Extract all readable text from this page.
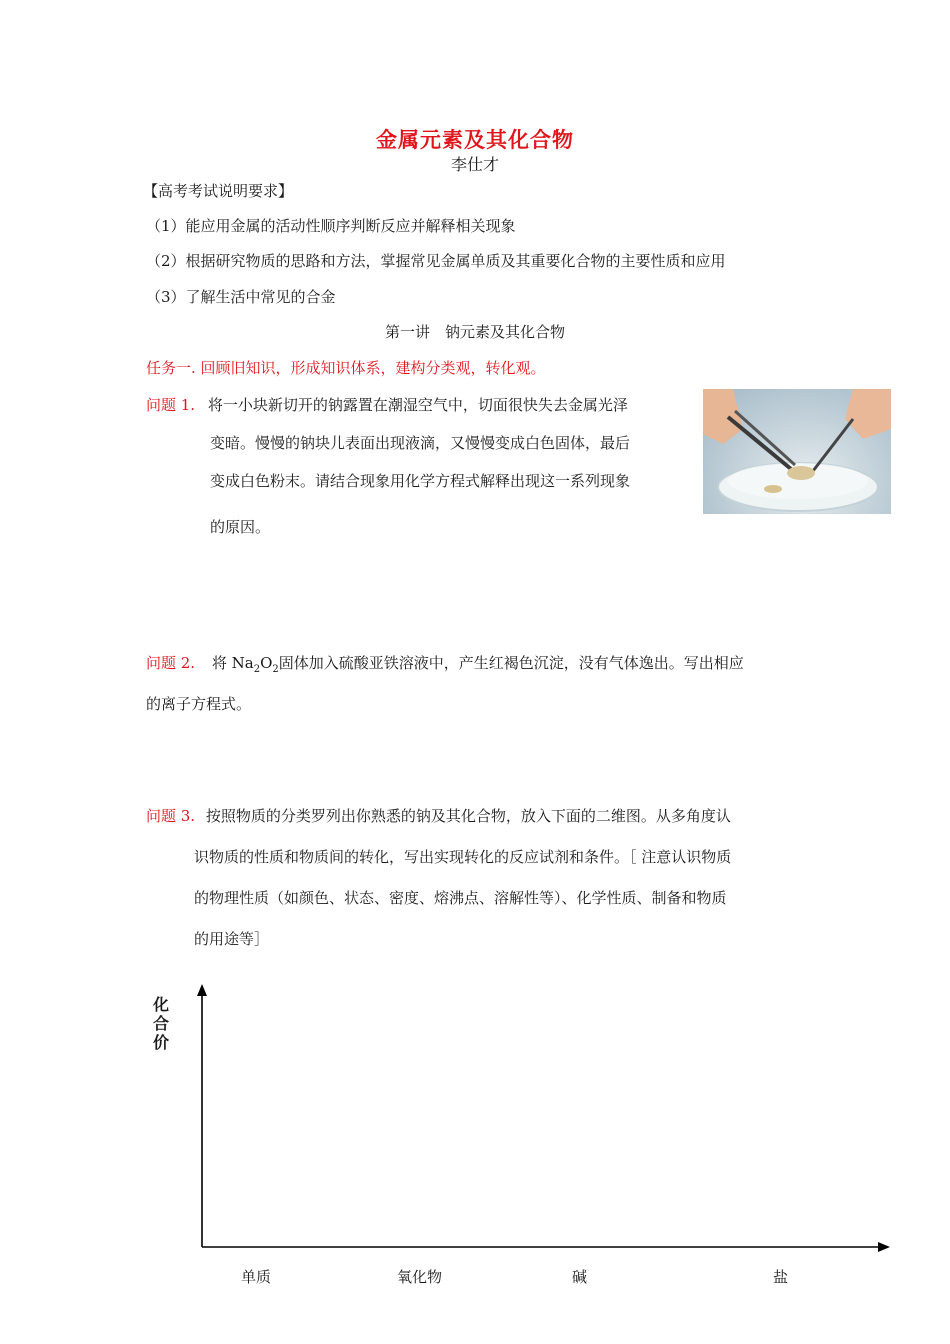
金属元素及其化合物
李仕才
【高考考试说明要求】
（1）能应用金属的活动性顺序判断反应并解释相关现象
（2）根据研究物质的思路和方法，掌握常见金属单质及其重要化合物的主要性质和应用
（3）了解生活中常见的合金
第一讲　钠元素及其化合物
任务一. 回顾旧知识，形成知识体系，建构分类观，转化观。
问题 1. 将一小块新切开的钠露置在潮湿空气中，切面很快失去金属光泽
变暗。慢慢的钠块儿表面出现液滴，又慢慢变成白色固体，最后
变成白色粉末。请结合现象用化学方程式解释出现这一系列现象
的原因。
问题 2. 将 $Na_2O_2$固体加入硫酸亚铁溶液中，产生红褐色沉淀，没有气体逸出。写出相应
的离子方程式。
问题 3. 按照物质的分类罗列出你熟悉的钠及其化合物，放入下面的二维图。从多角度认
识物质的性质和物质间的转化，写出实现转化的反应试剂和条件。［ 注意认识物质
的物理性质（如颜色、状态、密度、熔沸点、溶解性等）、化学性质、制备和物质
的用途等］
化合价
单质	氧化物	碱	盐
